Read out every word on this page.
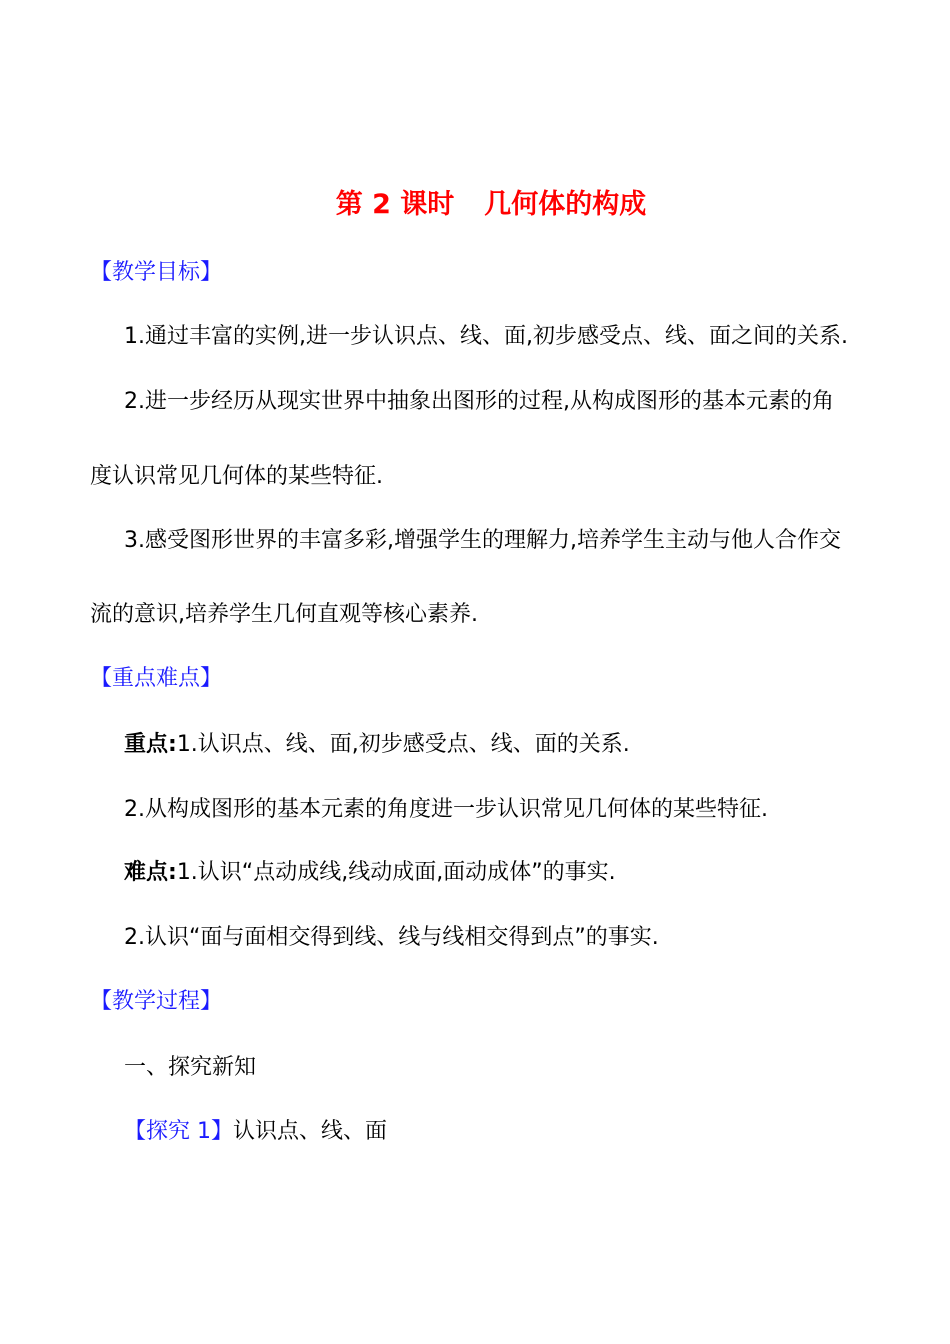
第 2 课时 几何体的构成
【教学目标】
1.通过丰富的实例,进一步认识点、线、面,初步感受点、线、面之间的关系.
2.进一步经历从现实世界中抽象出图形的过程,从构成图形的基本元素的角
度认识常见几何体的某些特征.
3.感受图形世界的丰富多彩,增强学生的理解力,培养学生主动与他人合作交
流的意识,培养学生几何直观等核心素养.
【重点难点】
重点:1.认识点、线、面,初步感受点、线、面的关系.
2.从构成图形的基本元素的角度进一步认识常见几何体的某些特征.
难点:1.认识“点动成线,线动成面,面动成体”的事实.
2.认识“面与面相交得到线、线与线相交得到点”的事实.
【教学过程】
一、探究新知
【探究 1】认识点、线、面
